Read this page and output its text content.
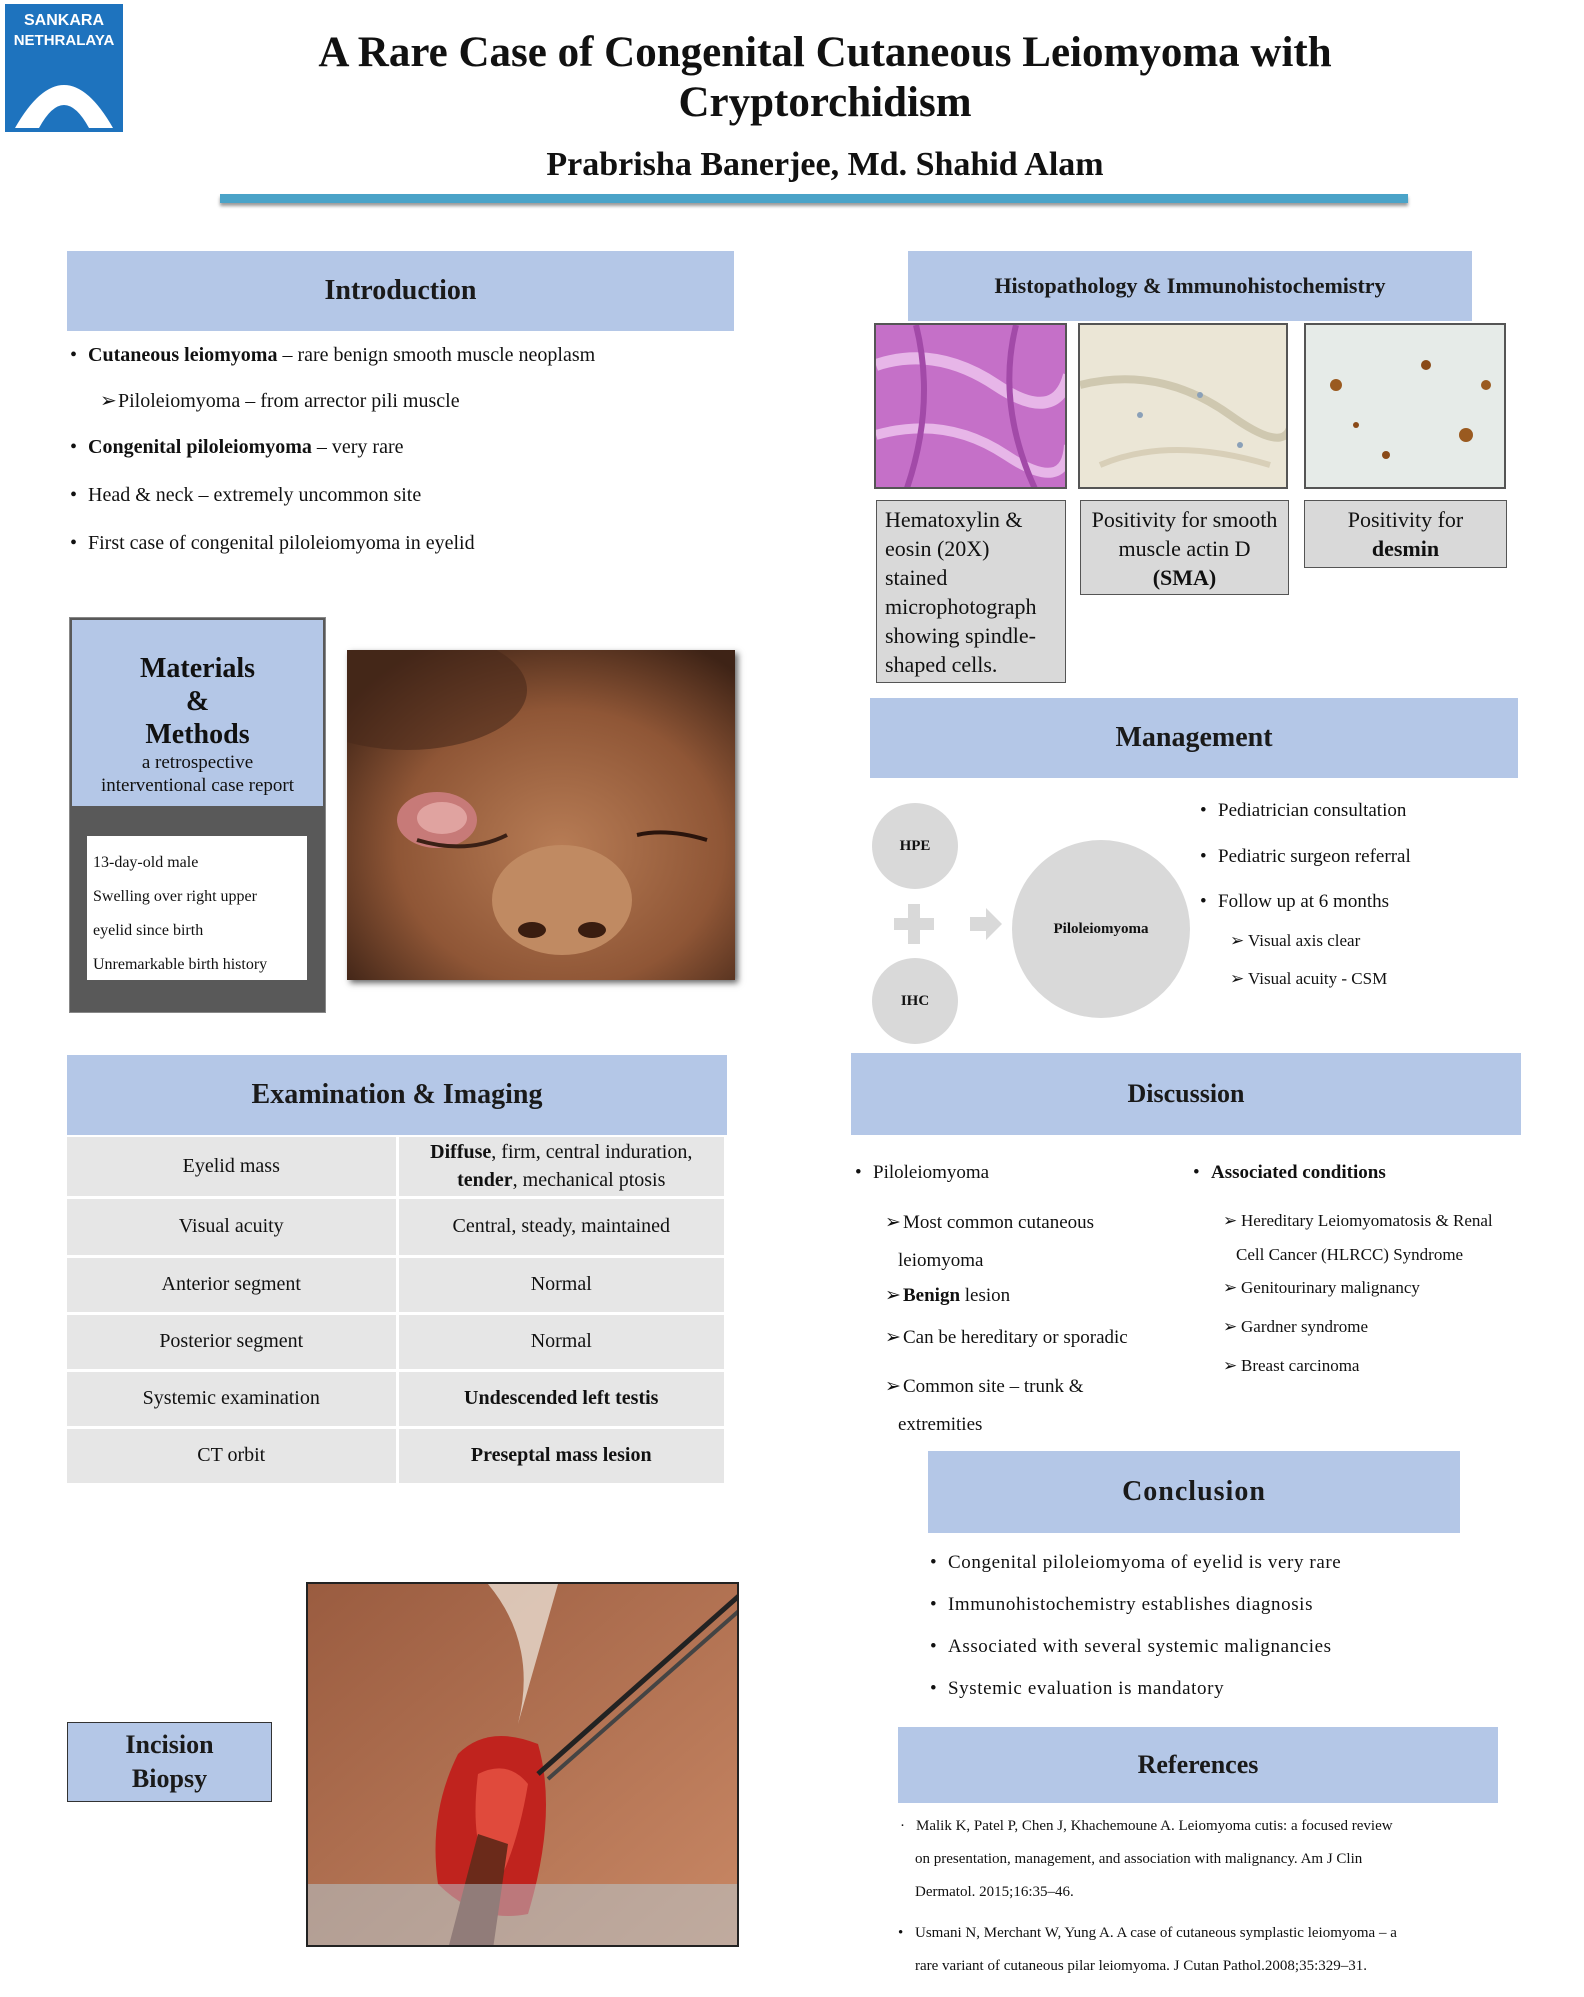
SANKARA
NETHRALAYA	A Rare Case of Congenital Cutaneous Leiomyoma with
Cryptorchidism
Prabrisha Banerjee, Md. Shahid Alam
Introduction
• Cutaneous leiomyoma – rare benign smooth muscle neoplasm
➢Piloleiomyoma – from arrector pili muscle
• Congenital piloleiomyoma – very rare
• Head & neck – extremely uncommon site
• First case of congenital piloleiomyoma in eyelid
Materials
&
Methods
a retrospective
interventional case report
13-day-old male
Swelling over right upper
eyelid since birth
Unremarkable birth history
Examination & Imaging
Eyelid mass	Diffuse, firm, central induration,
tender, mechanical ptosis
Visual acuity	Central, steady, maintained
Anterior segment	Normal
Posterior segment	Normal
Systemic examination	Undescended left testis
CT orbit	Preseptal mass lesion
Incision
Biopsy
Histopathology & Immunohistochemistry
Hematoxylin & eosin (20X) stained microphotograph showing spindle-shaped cells.
Positivity for smooth muscle actin D (SMA)
Positivity for
desmin
Management
HPE
IHC
Piloleiomyoma
• Pediatrician consultation
• Pediatric surgeon referral
• Follow up at 6 months
➢ Visual axis clear
➢ Visual acuity - CSM
Discussion
• Piloleiomyoma
➢ Most common cutaneous
leiomyoma
➢ Benign lesion
➢ Can be hereditary or sporadic
➢ Common site – trunk &
extremities
• Associated conditions
➢ Hereditary Leiomyomatosis & Renal
Cell Cancer (HLRCC) Syndrome
➢ Genitourinary malignancy
➢ Gardner syndrome
➢ Breast carcinoma
Conclusion
• Congenital piloleiomyoma of eyelid is very rare
• Immunohistochemistry establishes diagnosis
• Associated with several systemic malignancies
• Systemic evaluation is mandatory
References
· Malik K, Patel P, Chen J, Khachemoune A. Leiomyoma cutis: a focused review
on presentation, management, and association with malignancy. Am J Clin
Dermatol. 2015;16:35–46.
• Usmani N, Merchant W, Yung A. A case of cutaneous symplastic leiomyoma – a
rare variant of cutaneous pilar leiomyoma. J Cutan Pathol.2008;35:329–31.
